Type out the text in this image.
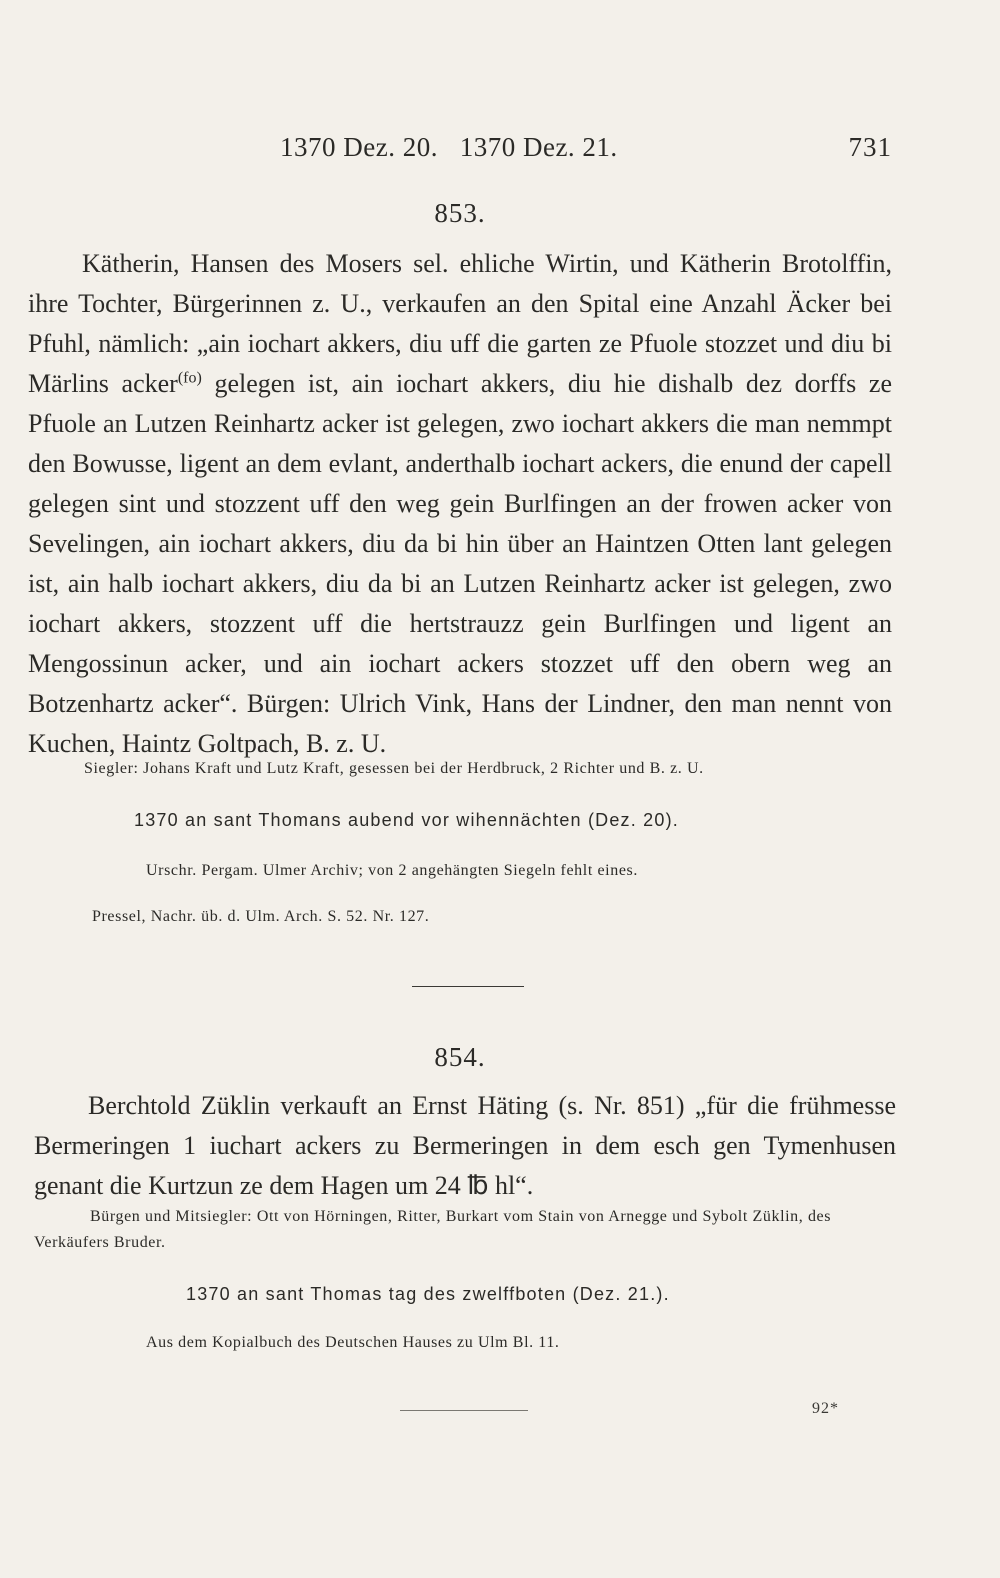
1370 Dez. 20.   1370 Dez. 21.	731
853.
Kätherin, Hansen des Mosers sel. ehliche Wirtin, und Kätherin Brotolffin, ihre Tochter, Bürgerinnen z. U., verkaufen an den Spital eine Anzahl Äcker bei Pfuhl, nämlich: „ain iochart akkers, diu uff die garten ze Pfuole stozzet und diu bi Märlins acker$^{(fo)}$ gelegen ist, ain iochart akkers, diu hie dishalb dez dorffs ze Pfuole an Lutzen Reinhartz acker ist gelegen, zwo iochart akkers die man nemmpt den Bowusse, ligent an dem evlant, anderthalb iochart ackers, die enund der capell gelegen sint und stozzent uff den weg gein Burlfingen an der frowen acker von Sevelingen, ain iochart akkers, diu da bi hin über an Haintzen Otten lant gelegen ist, ain halb iochart akkers, diu da bi an Lutzen Reinhartz acker ist gelegen, zwo iochart akkers, stozzent uff die hertstrauzz gein Burlfingen und ligent an Mengossinun acker, und ain iochart ackers stozzet uff den obern weg an Botzenhartz acker“. Bürgen: Ulrich Vink, Hans der Lindner, den man nennt von Kuchen, Haintz Goltpach, B. z. U.
Siegler: Johans Kraft und Lutz Kraft, gesessen bei der Herdbruck, 2 Richter und B. z. U.
1370 an sant Thomans aubend vor wihennächten (Dez. 20).
Urschr. Pergam. Ulmer Archiv; von 2 angehängten Siegeln fehlt eines.
Pressel, Nachr. üb. d. Ulm. Arch. S. 52. Nr. 127.
854.
Berchtold Züklin verkauft an Ernst Häting (s. Nr. 851) „für die frühmesse Bermeringen 1 iuchart ackers zu Bermeringen in dem esch gen Tymenhusen genant die Kurtzun ze dem Hagen um 24 ℔ hl“.
Bürgen und Mitsiegler: Ott von Hörningen, Ritter, Burkart vom Stain von Arnegge und Sybolt Züklin, des Verkäufers Bruder.
1370 an sant Thomas tag des zwelffboten (Dez. 21.).
Aus dem Kopialbuch des Deutschen Hauses zu Ulm Bl. 11.
92*
